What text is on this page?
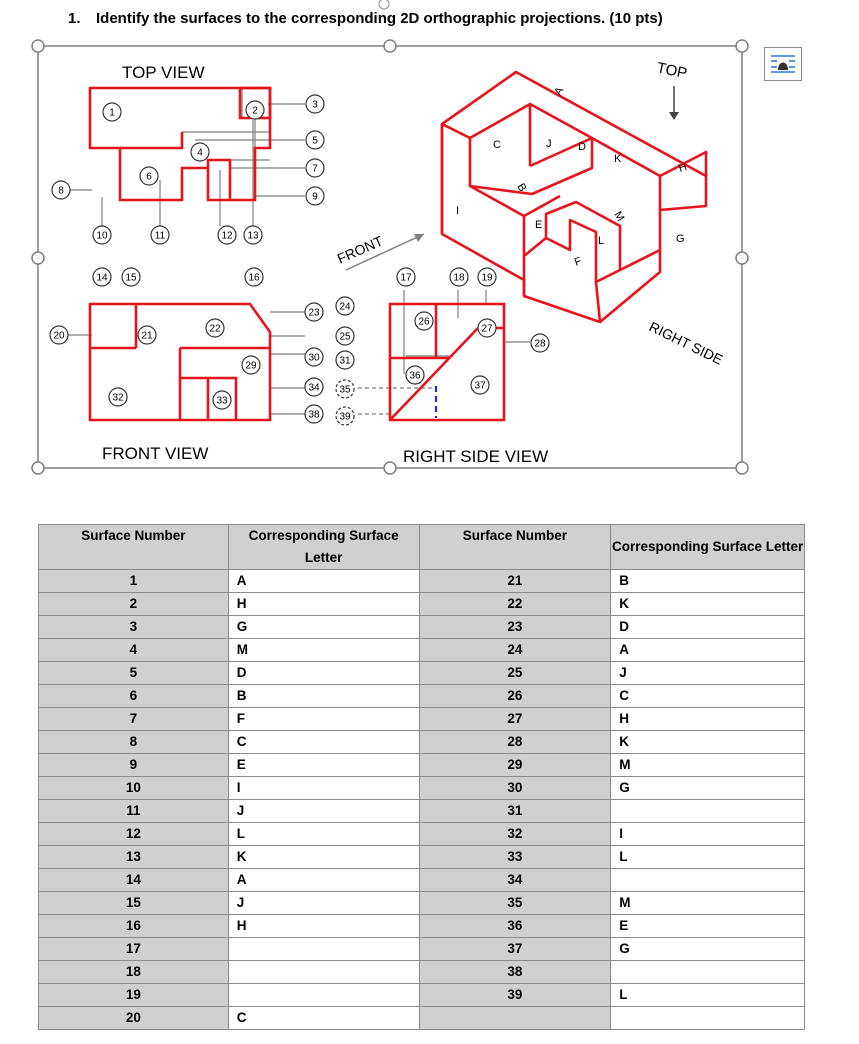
1. Identify the surfaces to the corresponding 2D orthographic projections. (10 pts)
TOP VIEW
FRONT VIEW	RIGHT SIDE VIEW
FRONT
TOP
RIGHT SIDE
1	2
3
4
5
6
7
8
9
10	11	12 13
14 15	16	17	18 19
20	21
22
23
24
25
26
27
28
29
30 31
32	33
34 35
36
37
38 39
A
B
C	J D
K
H
E
M
L
F
G
I
Surface Number	Corresponding Surface Letter	Surface Number	Corresponding Surface Letter
1	A	21	B
2	H	22	K
3	G	23	D
4	M	24	A
5	D	25	J
6	B	26	C
7	F	27	H
8	C	28	K
9	E	29	M
10	I	30	G
11	J	31	
12	L	32	I
13	K	33	L
14	A	34	
15	J	35	M
16	H	36	E
17		37	G
18		38	
19		39	L
20	C		
